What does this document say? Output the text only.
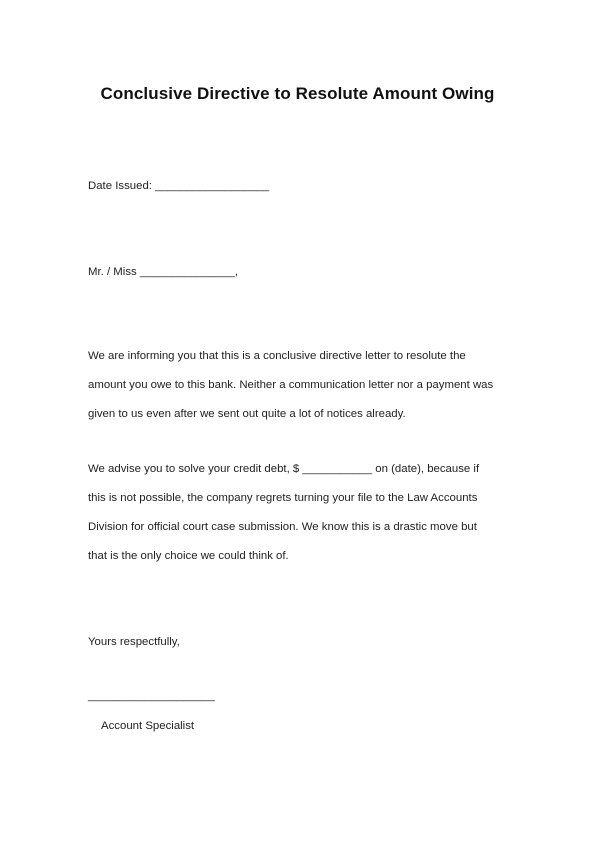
Conclusive Directive to Resolute Amount Owing
Date Issued: __________________
Mr. / Miss _______________,
We are informing you that this is a conclusive directive letter to resolute the
amount you owe to this bank. Neither a communication letter nor a payment was
given to us even after we sent out quite a lot of notices already.
We advise you to solve your credit debt, $ ___________ on (date), because if
this is not possible, the company regrets turning your file to the Law Accounts
Division for official court case submission. We know this is a drastic move but
that is the only choice we could think of.
Yours respectfully,
____________________
Account Specialist
